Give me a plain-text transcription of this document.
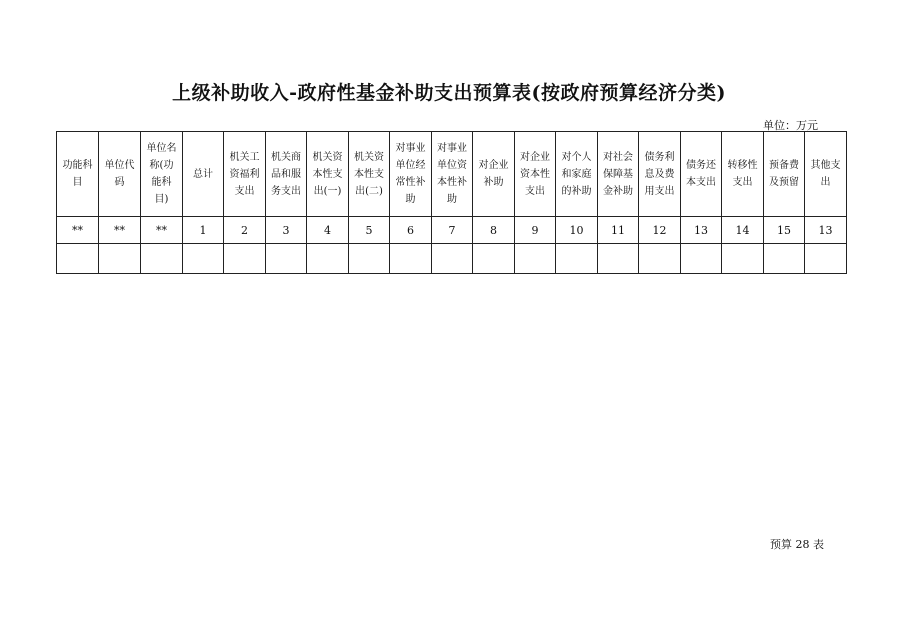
上级补助收入-政府性基金补助支出预算表(按政府预算经济分类)
单位：万元
功能科目	单位代码	单位名称(功能科目)	总计	机关工资福利支出	机关商品和服务支出	机关资本性支出(一)	机关资本性支出(二)	对事业单位经常性补助	对事业单位资本性补助	对企业补助	对企业资本性支出	对个人和家庭的补助	对社会保障基金补助	债务利息及费用支出	债务还本支出	转移性支出	预备费及预留	其他支出
**	**	**	1	2	3	4	5	6	7	8	9	10	11	12	13	14	15	13

预算 28 表
